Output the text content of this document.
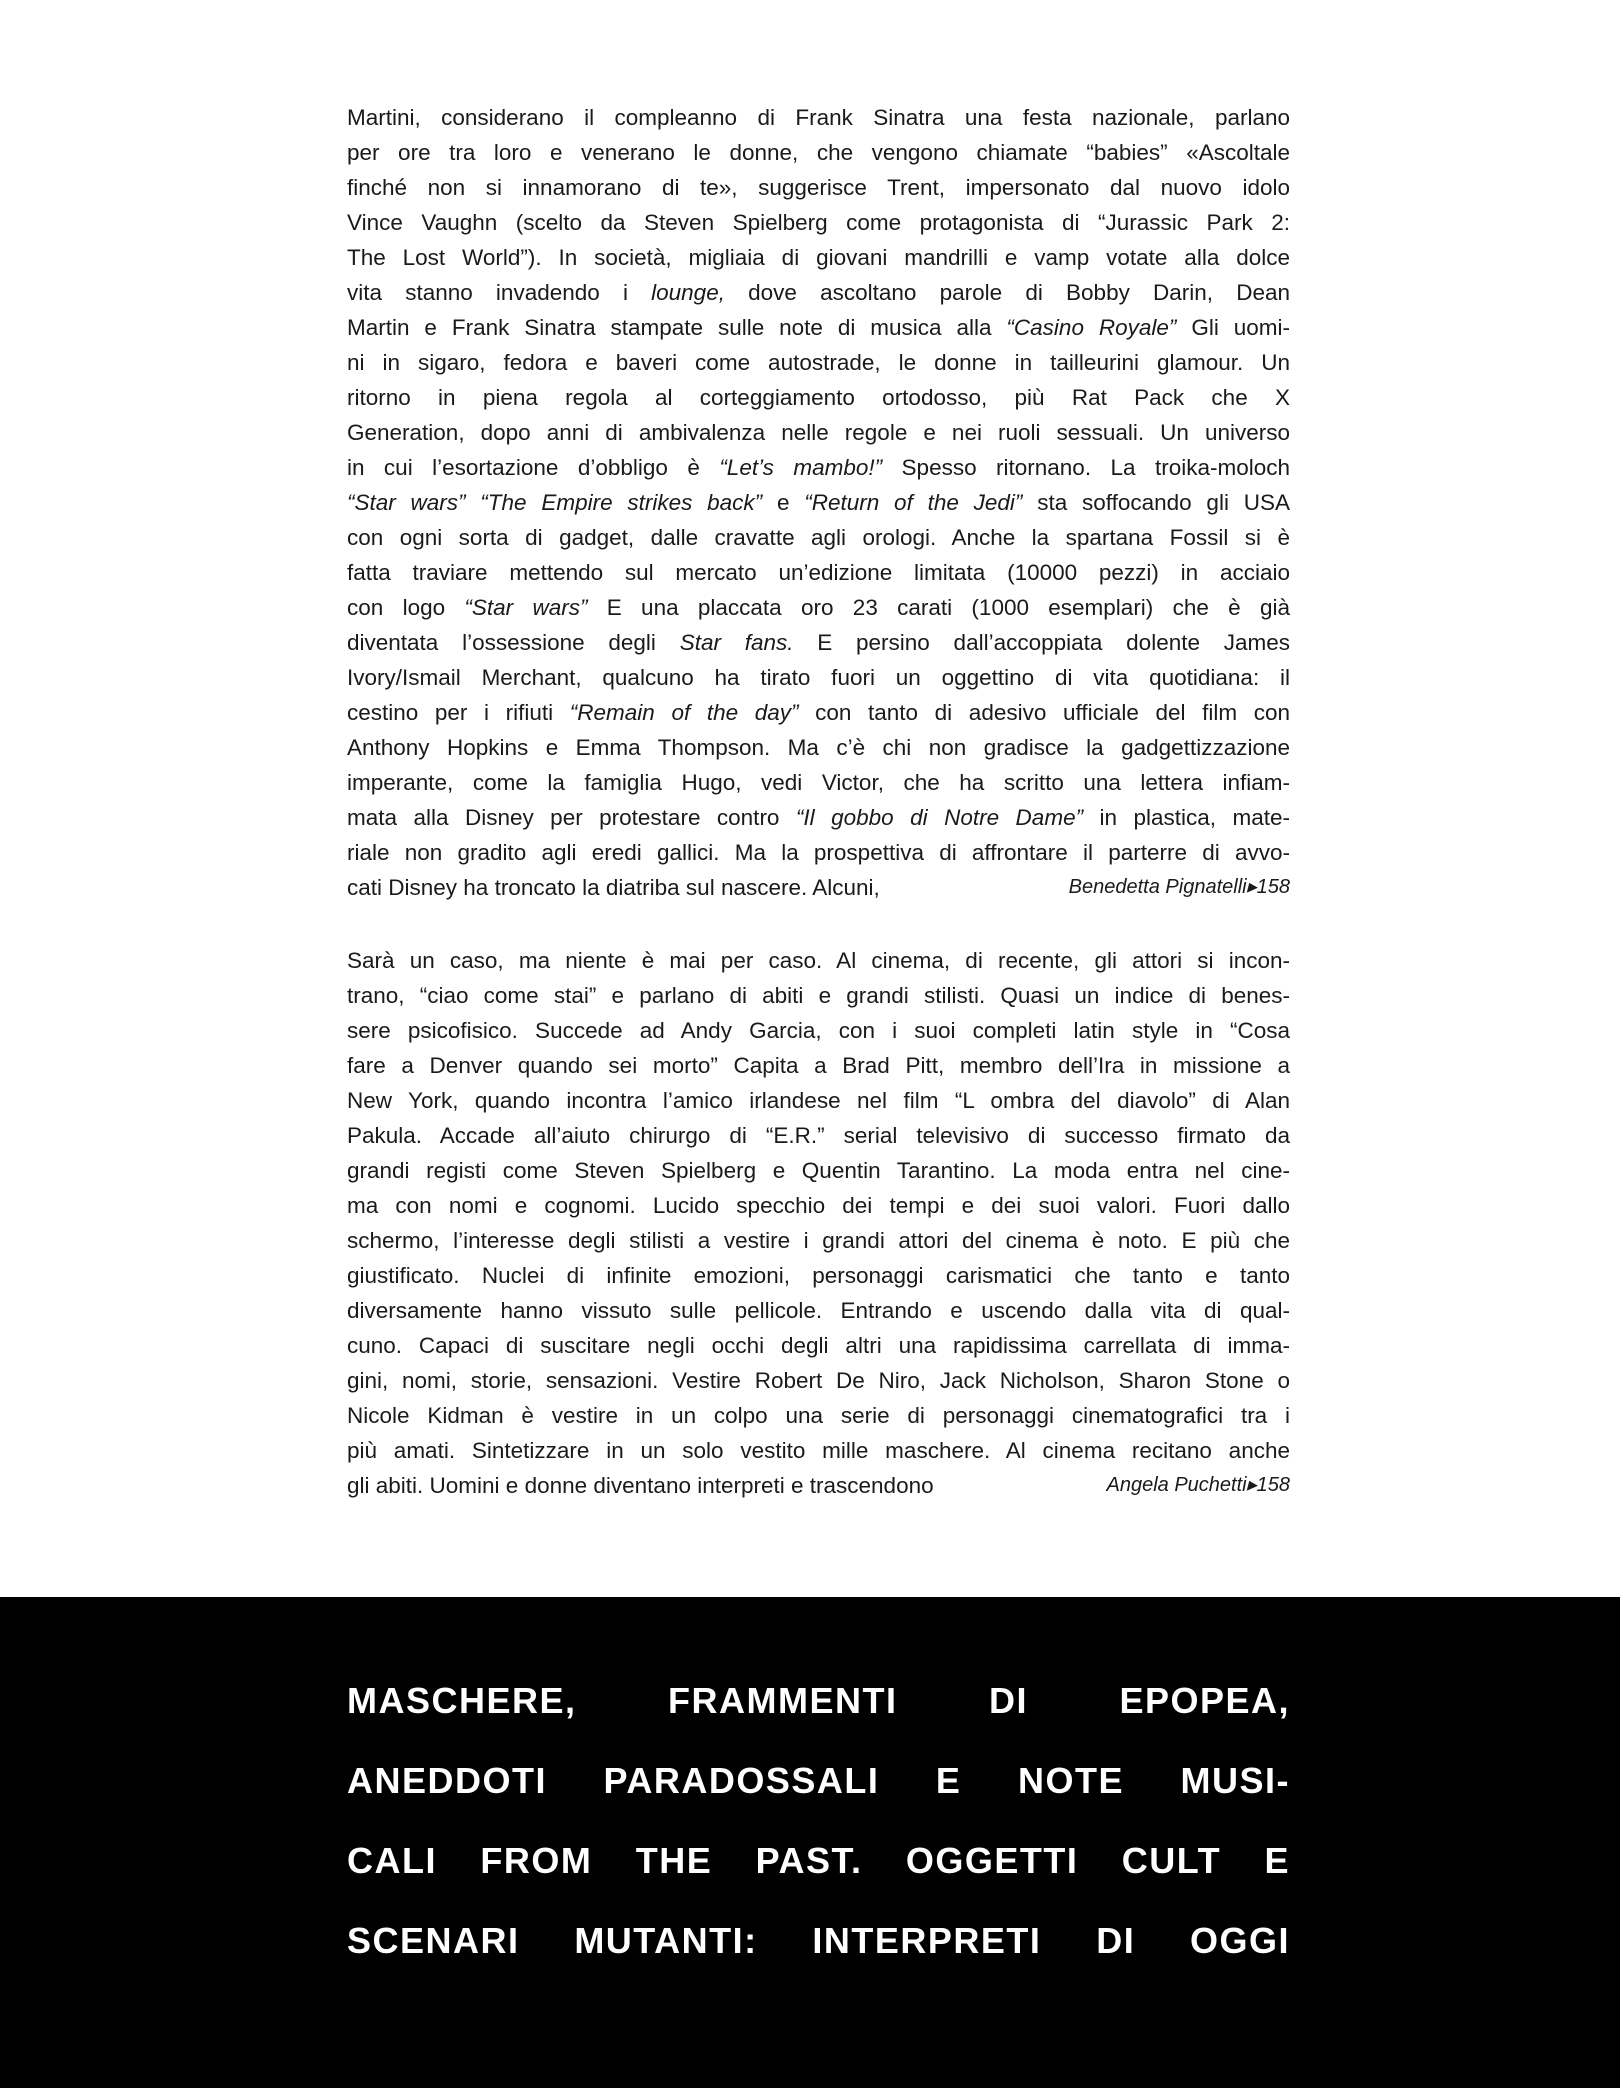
Martini, considerano il compleanno di Frank Sinatra una festa nazionale, parlano
per ore tra loro e venerano le donne, che vengono chiamate “babies” «Ascoltale
finché non si innamorano di te», suggerisce Trent, impersonato dal nuovo idolo
Vince Vaughn (scelto da Steven Spielberg come protagonista di “Jurassic Park 2:
The Lost World”). In società, migliaia di giovani mandrilli e vamp votate alla dolce
vita stanno invadendo i lounge, dove ascoltano parole di Bobby Darin, Dean
Martin e Frank Sinatra stampate sulle note di musica alla “Casino Royale” Gli uomi-
ni in sigaro, fedora e baveri come autostrade, le donne in tailleurini glamour. Un
ritorno in piena regola al corteggiamento ortodosso, più Rat Pack che X
Generation, dopo anni di ambivalenza nelle regole e nei ruoli sessuali. Un universo
in cui l’esortazione d’obbligo è “Let’s mambo!” Spesso ritornano. La troika-moloch
“Star wars” “The Empire strikes back” e “Return of the Jedi” sta soffocando gli USA
con ogni sorta di gadget, dalle cravatte agli orologi. Anche la spartana Fossil si è
fatta traviare mettendo sul mercato un’edizione limitata (10000 pezzi) in acciaio
con logo “Star wars” E una placcata oro 23 carati (1000 esemplari) che è già
diventata l’ossessione degli Star fans. E persino dall’accoppiata dolente James
Ivory/Ismail Merchant, qualcuno ha tirato fuori un oggettino di vita quotidiana: il
cestino per i rifiuti “Remain of the day” con tanto di adesivo ufficiale del film con
Anthony Hopkins e Emma Thompson. Ma c’è chi non gradisce la gadgettizzazione
imperante, come la famiglia Hugo, vedi Victor, che ha scritto una lettera infiam-
mata alla Disney per protestare contro “Il gobbo di Notre Dame” in plastica, mate-
riale non gradito agli eredi gallici. Ma la prospettiva di affrontare il parterre di avvo-
cati Disney ha troncato la diatriba sul nascere. Alcuni,	Benedetta Pignatelli▸158
Sarà un caso, ma niente è mai per caso. Al cinema, di recente, gli attori si incon-
trano, “ciao come stai” e parlano di abiti e grandi stilisti. Quasi un indice di benes-
sere psicofisico. Succede ad Andy Garcia, con i suoi completi latin style in “Cosa
fare a Denver quando sei morto” Capita a Brad Pitt, membro dell’Ira in missione a
New York, quando incontra l’amico irlandese nel film “L ombra del diavolo” di Alan
Pakula. Accade all’aiuto chirurgo di “E.R.” serial televisivo di successo firmato da
grandi registi come Steven Spielberg e Quentin Tarantino. La moda entra nel cine-
ma con nomi e cognomi. Lucido specchio dei tempi e dei suoi valori. Fuori dallo
schermo, l’interesse degli stilisti a vestire i grandi attori del cinema è noto. E più che
giustificato. Nuclei di infinite emozioni, personaggi carismatici che tanto e tanto
diversamente hanno vissuto sulle pellicole. Entrando e uscendo dalla vita di qual-
cuno. Capaci di suscitare negli occhi degli altri una rapidissima carrellata di imma-
gini, nomi, storie, sensazioni. Vestire Robert De Niro, Jack Nicholson, Sharon Stone o
Nicole Kidman è vestire in un colpo una serie di personaggi cinematografici tra i
più amati. Sintetizzare in un solo vestito mille maschere. Al cinema recitano anche
gli abiti. Uomini e donne diventano interpreti e trascendono	Angela Puchetti▸158
MASCHERE, FRAMMENTI DI EPOPEA,
ANEDDOTI PARADOSSALI E NOTE MUSI-
CALI FROM THE PAST. OGGETTI CULT E
SCENARI MUTANTI: INTERPRETI DI OGGI
